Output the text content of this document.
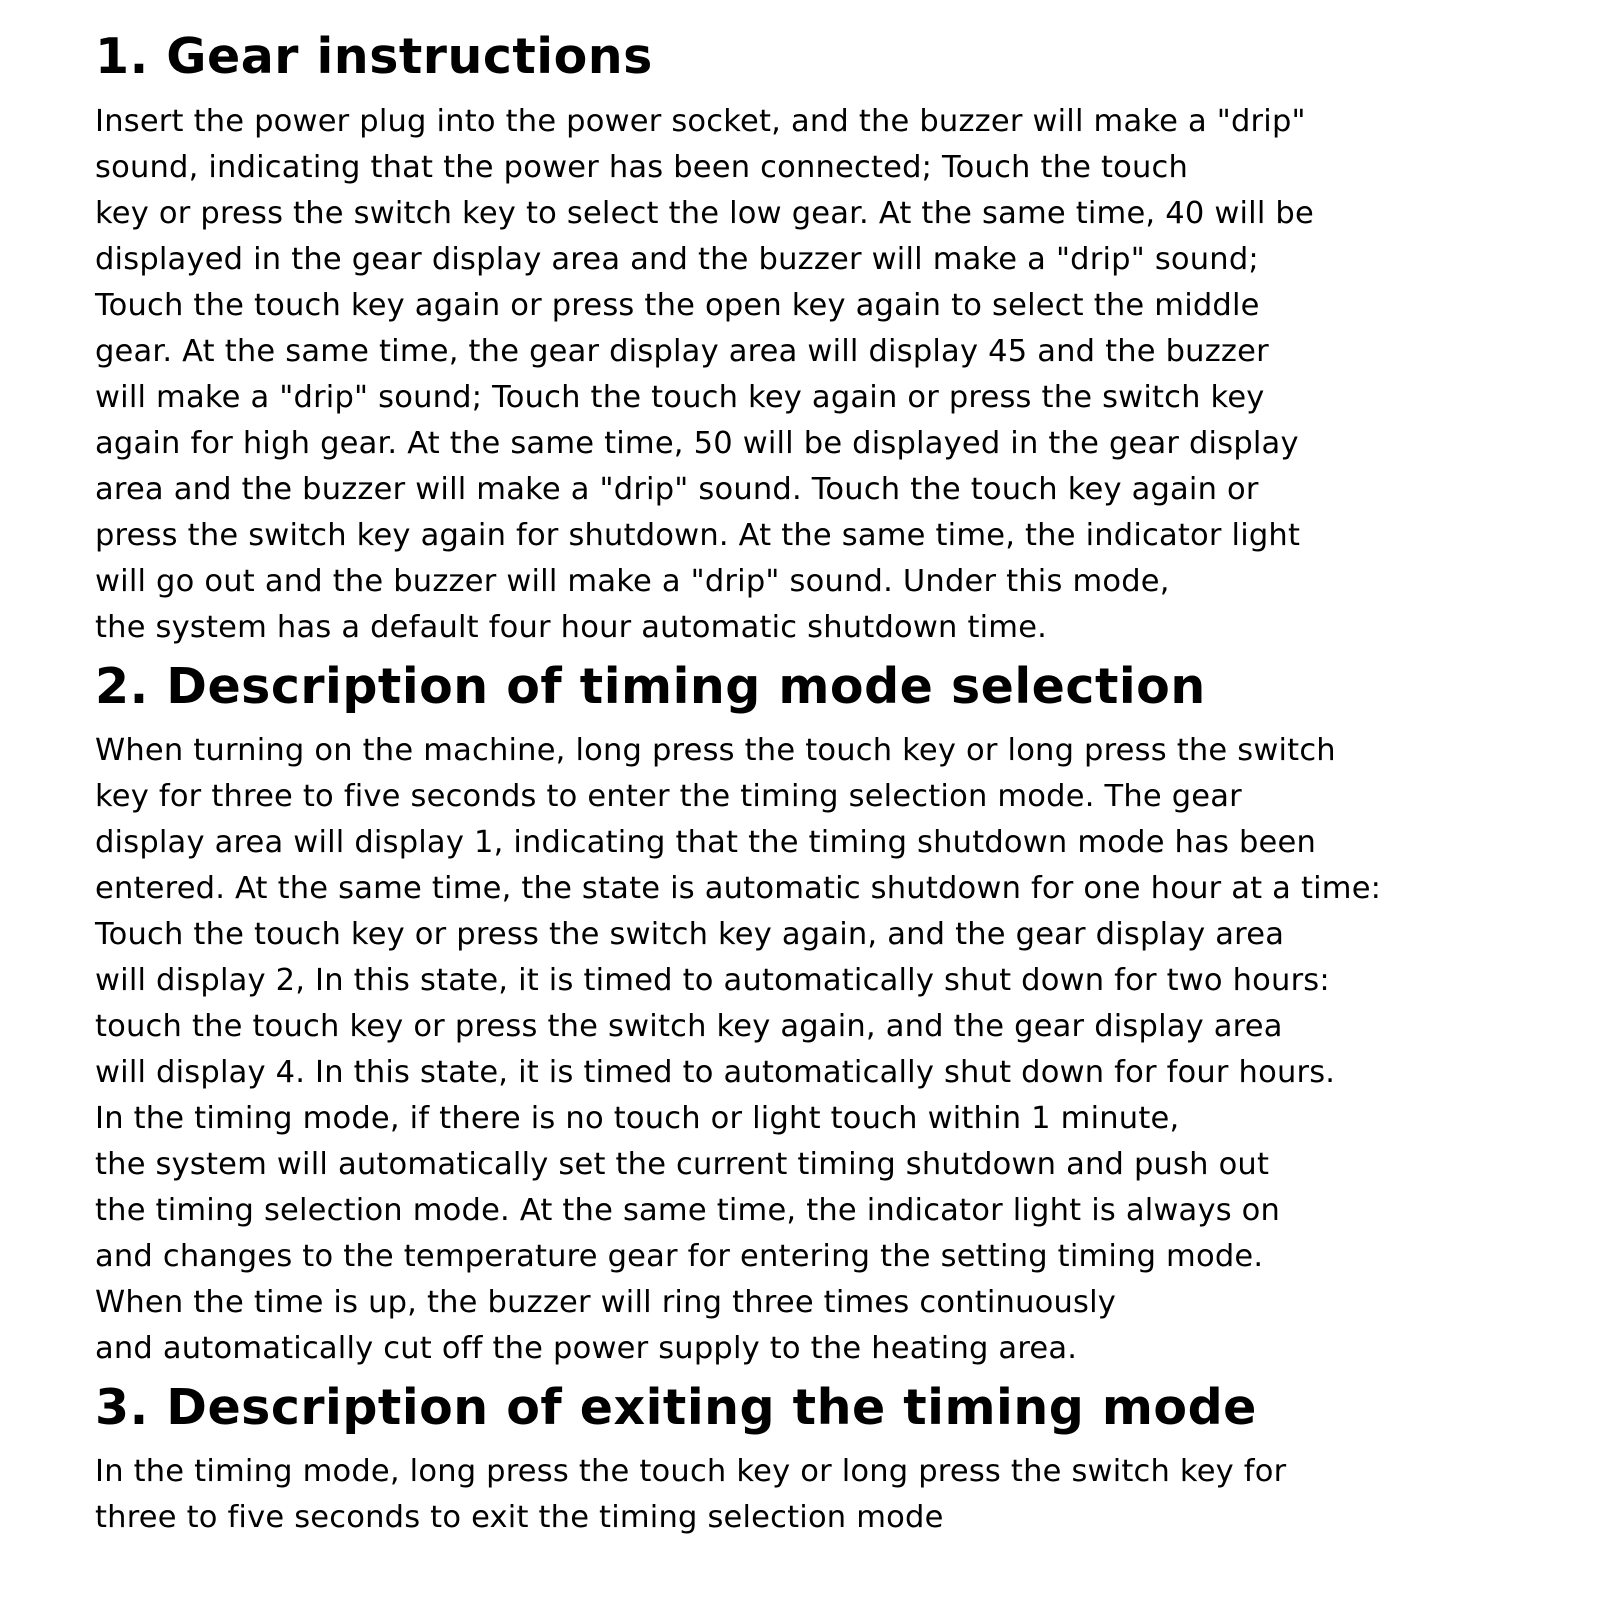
1. Gear instructions
Insert the power plug into the power socket, and the buzzer will make a "drip"
sound, indicating that the power has been connected; Touch the touch
key or press the switch key to select the low gear. At the same time, 40 will be
displayed in the gear display area and the buzzer will make a "drip" sound;
Touch the touch key again or press the open key again to select the middle
gear. At the same time, the gear display area will display 45 and the buzzer
will make a "drip" sound; Touch the touch key again or press the switch key
again for high gear. At the same time, 50 will be displayed in the gear display
area and the buzzer will make a "drip" sound. Touch the touch key again or
press the switch key again for shutdown. At the same time, the indicator light
will go out and the buzzer will make a "drip" sound. Under this mode,
the system has a default four hour automatic shutdown time.
2. Description of timing mode selection
When turning on the machine, long press the touch key or long press the switch
key for three to five seconds to enter the timing selection mode. The gear
display area will display 1, indicating that the timing shutdown mode has been
entered. At the same time, the state is automatic shutdown for one hour at a time:
Touch the touch key or press the switch key again, and the gear display area
will display 2, In this state, it is timed to automatically shut down for two hours:
touch the touch key or press the switch key again, and the gear display area
will display 4. In this state, it is timed to automatically shut down for four hours.
In the timing mode, if there is no touch or light touch within 1 minute,
the system will automatically set the current timing shutdown and push out
the timing selection mode. At the same time, the indicator light is always on
and changes to the temperature gear for entering the setting timing mode.
When the time is up, the buzzer will ring three times continuously
and automatically cut off the power supply to the heating area.
3. Description of exiting the timing mode
In the timing mode, long press the touch key or long press the switch key for
three to five seconds to exit the timing selection mode
